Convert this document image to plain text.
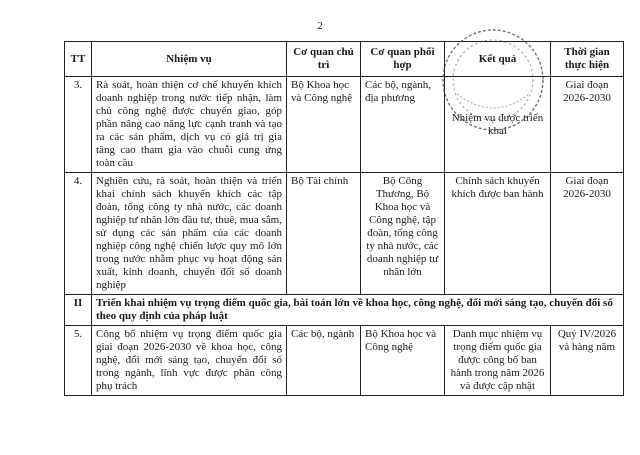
2
TT	Nhiệm vụ	Cơ quan chủ trì	Cơ quan phối hợp	Kết quả	Thời gian thực hiện
3.	Rà soát, hoàn thiện cơ chế khuyến khích doanh nghiệp trong nước tiếp nhận, làm chủ công nghệ được chuyển giao, góp phần nâng cao năng lực cạnh tranh và tạo ra các sản phẩm, dịch vụ có giá trị gia tăng cao tham gia vào chuỗi cung ứng toàn cầu	Bộ Khoa học và Công nghệ	Các bộ, ngành, địa phương	Nhiệm vụ được triển khai	Giai đoạn 2026-2030
4.	Nghiên cứu, rà soát, hoàn thiện và triển khai chính sách khuyến khích các tập đoàn, tổng công ty nhà nước, các doanh nghiệp tư nhân lớn đầu tư, thuê, mua sắm, sử dụng các sản phẩm của các doanh nghiệp công nghệ chiến lược quy mô lớn trong nước nhằm phục vụ hoạt động sản xuất, kinh doanh, chuyển đổi số doanh nghiệp	Bộ Tài chính	Bộ Công Thương, Bộ Khoa học và Công nghệ, tập đoàn, tổng công ty nhà nước, các doanh nghiệp tư nhân lớn	Chính sách khuyến khích được ban hành	Giai đoạn 2026-2030
II	Triển khai nhiệm vụ trọng điểm quốc gia, bài toán lớn về khoa học, công nghệ, đổi mới sáng tạo, chuyển đổi số theo quy định của pháp luật				
5.	Công bố nhiệm vụ trọng điểm quốc gia giai đoạn 2026-2030 về khoa học, công nghệ, đổi mới sáng tạo, chuyển đổi số trong ngành, lĩnh vực được phân công phụ trách	Các bộ, ngành	Bộ Khoa học và Công nghệ	Danh mục nhiệm vụ trọng điểm quốc gia được công bố ban hành trong năm 2026 và được cập nhật	Quý IV/2026 và hàng năm
